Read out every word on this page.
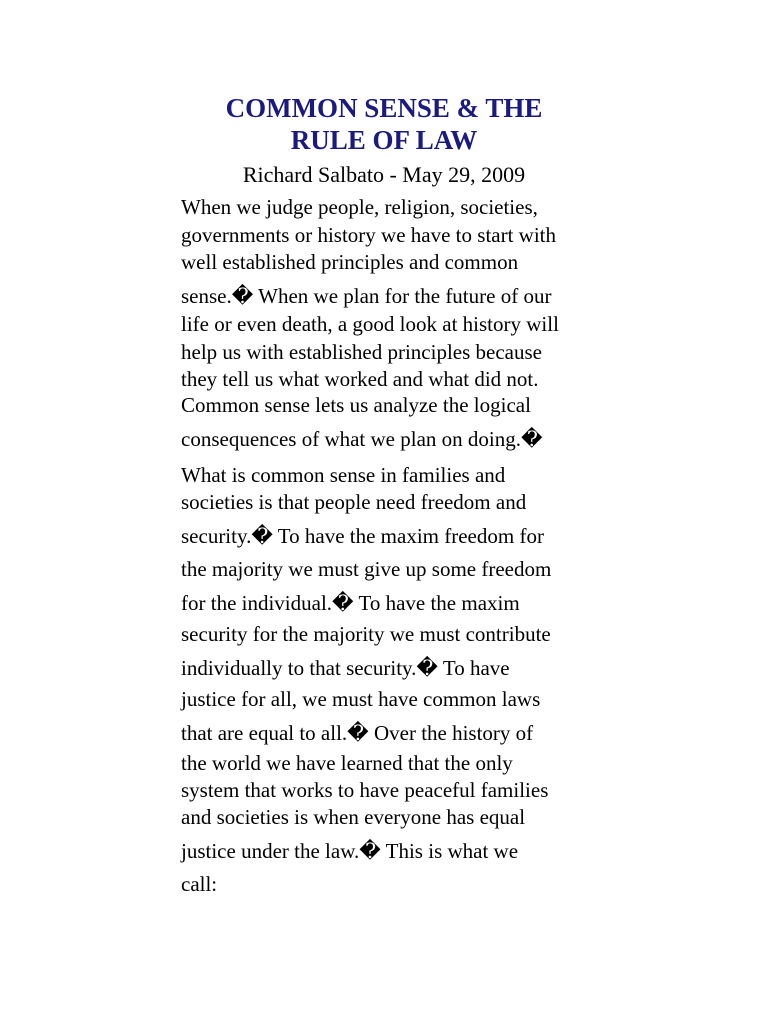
COMMON SENSE & THE
RULE OF LAW
Richard Salbato - May 29, 2009
When we judge people, religion, societies,
governments or history we have to start with
well established principles and common
sense.� When we plan for the future of our
life or even death, a good look at history will
help us with established principles because
they tell us what worked and what did not.
Common sense lets us analyze the logical
consequences of what we plan on doing.�
What is common sense in families and
societies is that people need freedom and
security.� To have the maxim freedom for
the majority we must give up some freedom
for the individual.� To have the maxim
security for the majority we must contribute
individually to that security.� To have
justice for all, we must have common laws
that are equal to all.� Over the history of
the world we have learned that the only
system that works to have peaceful families
and societies is when everyone has equal
justice under the law.� This is what we
call:
